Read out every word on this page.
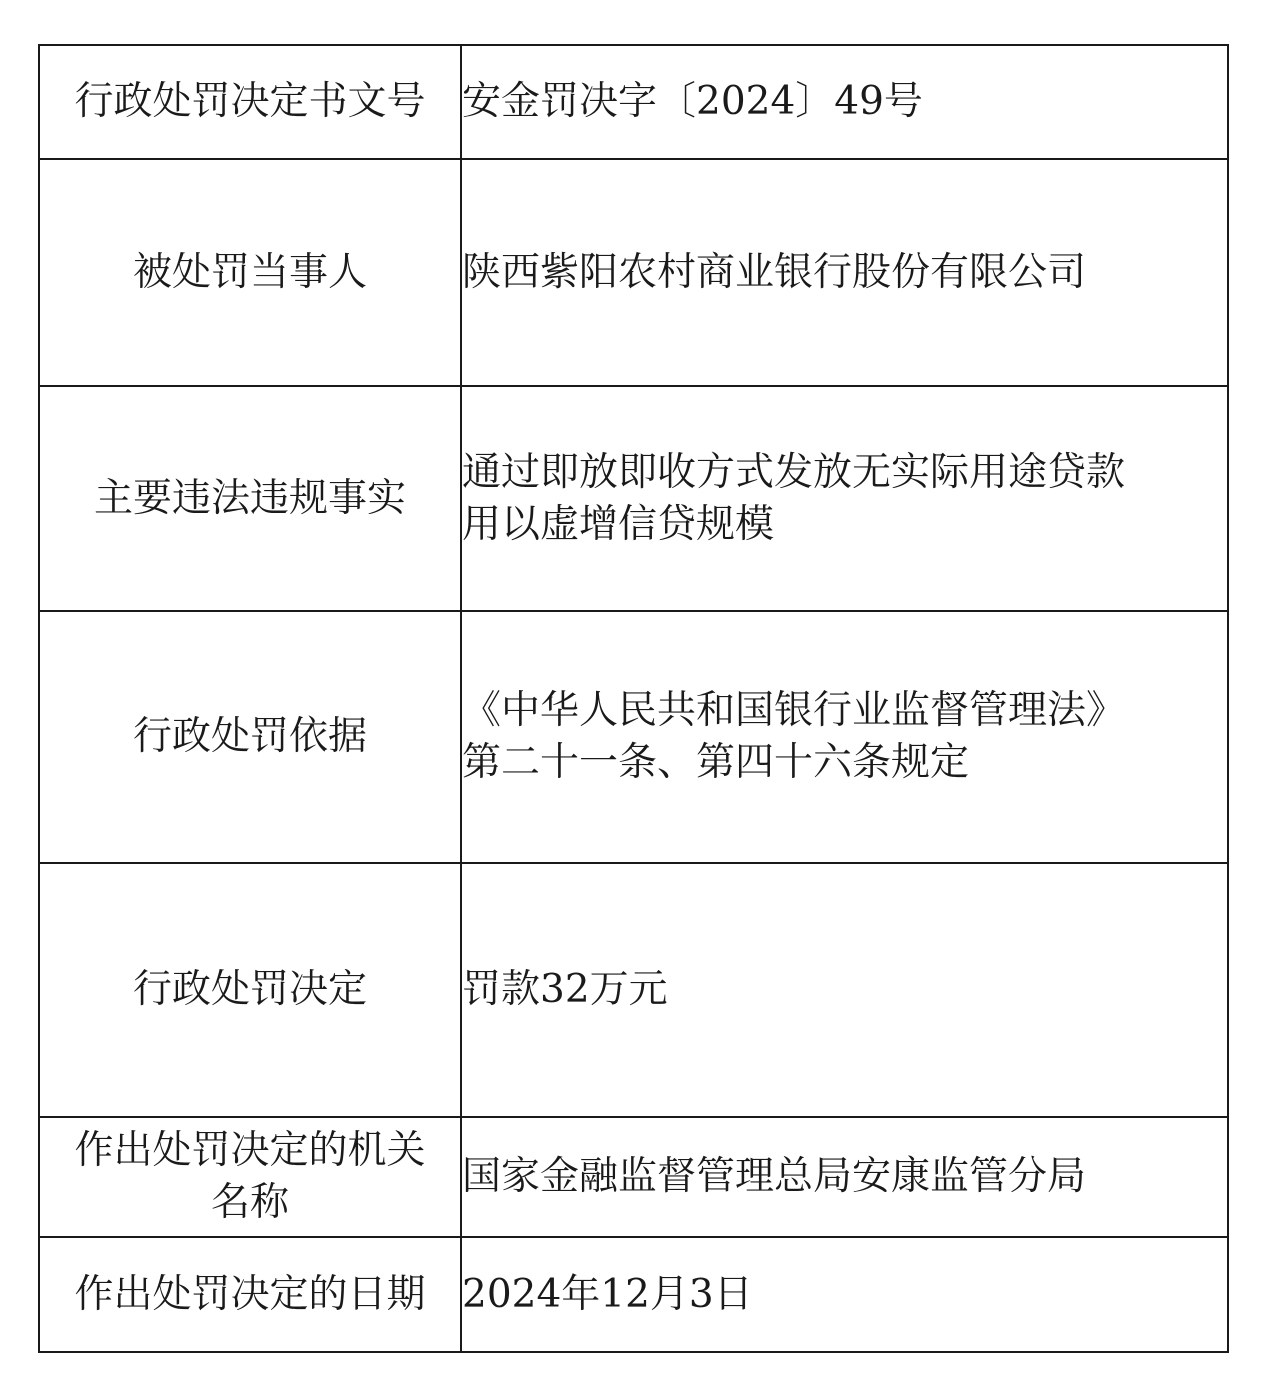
行政处罚决定书文号	安金罚决字〔2024〕49号

被处罚当事人	陕西紫阳农村商业银行股份有限公司

主要违法违规事实	通过即放即收方式发放无实际用途贷款
用以虚增信贷规模

行政处罚依据	《中华人民共和国银行业监督管理法》
第二十一条、第四十六条规定

行政处罚决定	罚款32万元

作出处罚决定的机关
名称	国家金融监督管理总局安康监管分局

作出处罚决定的日期	2024年12月3日
